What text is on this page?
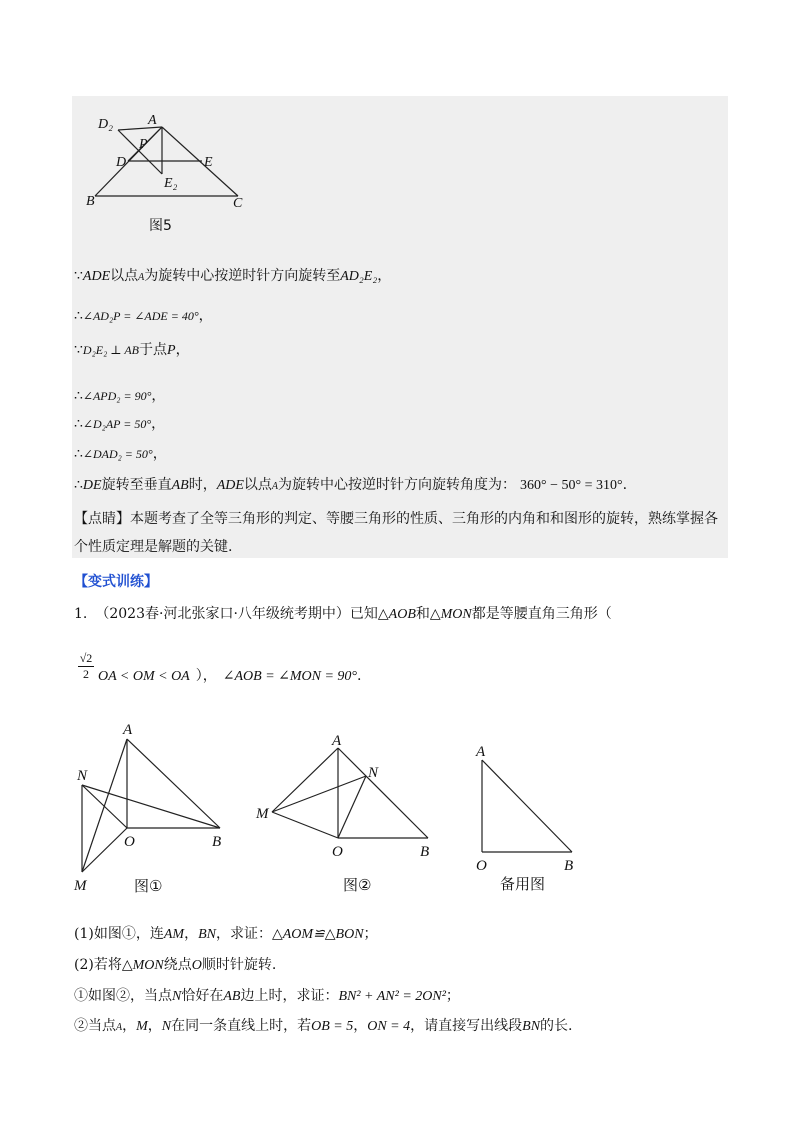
D₂	A
P
D	E
E₂
B	C
图5
∵ADE以点A为旋转中心按逆时针方向旋转至AD₂E₂，
∴∠AD₂P = ∠ADE = 40°，
∵D₂E₂ ⊥ AB于点P，
∴∠APD₂ = 90°，
∴∠D₂AP = 50°，
∴∠DAD₂ = 50°，
∴DE旋转至垂直AB时，ADE以点A为旋转中心按逆时针方向旋转角度为： 360° − 50° = 310°.
【点睛】本题考查了全等三角形的判定、等腰三角形的性质、三角形的内角和和图形的旋转，熟练掌握各
个性质定理是解题的关键.
【变式训练】
1. （2023春·河北张家口·八年级统考期中）已知△AOB和△MON都是等腰直角三角形（
$\frac{√2}{2}$ OA < OM < OA ）， ∠AOB = ∠MON = 90°.
A
N
O	B
M	图①
A
N
M
O	B
图②
A
O	B
备用图
(1)如图①，连AM，BN，求证：△AOM≌△BON；
(2)若将△MON绕点O顺时针旋转.
①如图②，当点N恰好在AB边上时，求证：BN² + AN² = 2ON²；
②当点A，M，N在同一条直线上时，若OB = 5，ON = 4，请直接写出线段BN的长.
